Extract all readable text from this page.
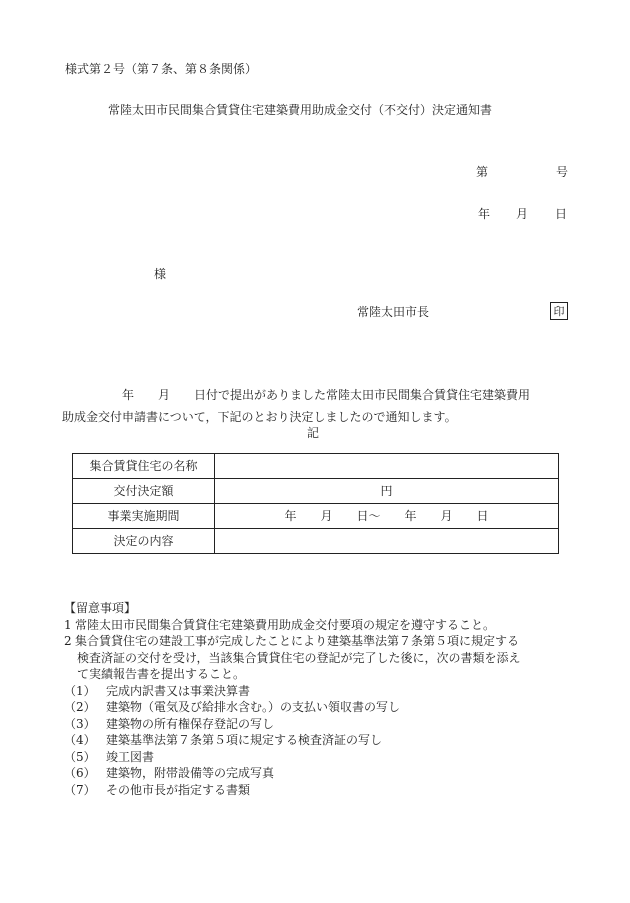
様式第２号（第７条、第８条関係）
常陸太田市民間集合賃貸住宅建築費用助成金交付（不交付）決定通知書
第	号
年 月 日
様
常陸太田市長	印
　　　　　年　　月　　日付で提出がありました常陸太田市民間集合賃貸住宅建築費用
助成金交付申請書について，下記のとおり決定しましたので通知します。
記
集合賃貸住宅の名称	
交付決定額	円
事業実施期間	年　　月　　日～　　年　　月　　日
決定の内容	
【留意事項】
1 常陸太田市民間集合賃貸住宅建築費用助成金交付要項の規定を遵守すること。
2 集合賃貸住宅の建設工事が完成したことにより建築基準法第７条第５項に規定する
検査済証の交付を受け，当該集合賃貸住宅の登記が完了した後に，次の書類を添え
て実績報告書を提出すること。
（1） 完成内訳書又は事業決算書
（2） 建築物（電気及び給排水含む。）の支払い領収書の写し
（3） 建築物の所有権保存登記の写し
（4） 建築基準法第７条第５項に規定する検査済証の写し
（5） 竣工図書
（6） 建築物，附帯設備等の完成写真
（7） その他市長が指定する書類
